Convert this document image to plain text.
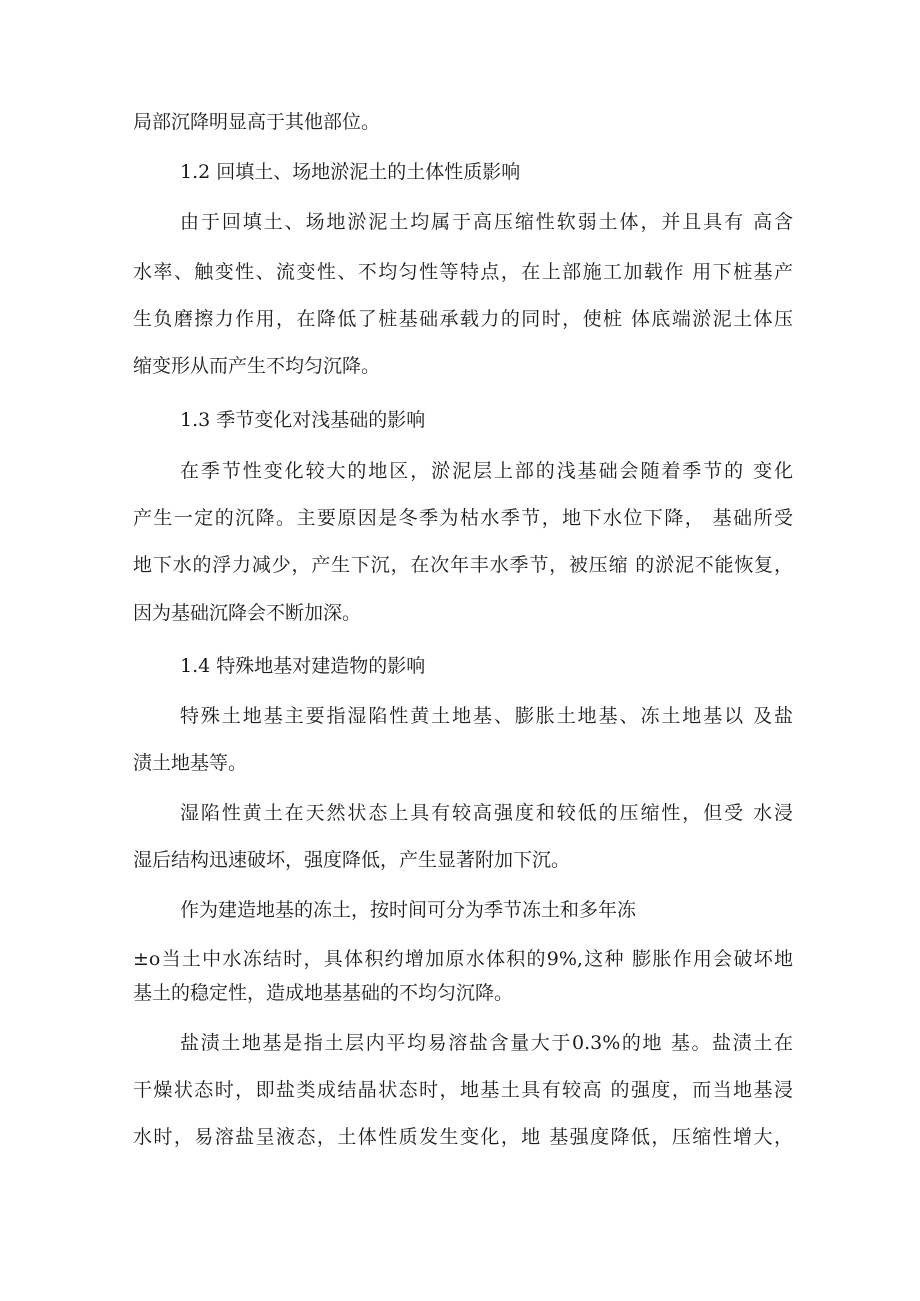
局部沉降明显高于其他部位。
1.2 回填土、场地淤泥土的土体性质影响
由于回填土、场地淤泥土均属于高压缩性软弱土体，并且具有 高含
水率、触变性、流变性、不均匀性等特点，在上部施工加载作 用下桩基产
生负磨擦力作用，在降低了桩基础承载力的同时，使桩 体底端淤泥土体压
缩变形从而产生不均匀沉降。
1.3 季节变化对浅基础的影响
在季节性变化较大的地区，淤泥层上部的浅基础会随着季节的 变化
产生一定的沉降。主要原因是冬季为枯水季节，地下水位下降， 基础所受
地下水的浮力减少，产生下沉，在次年丰水季节，被压缩 的淤泥不能恢复，
因为基础沉降会不断加深。
1.4 特殊地基对建造物的影响
特殊土地基主要指湿陷性黄土地基、膨胀土地基、冻土地基以 及盐
渍土地基等。
湿陷性黄土在天然状态上具有较高强度和较低的压缩性，但受 水浸
湿后结构迅速破坏，强度降低，产生显著附加下沉。
作为建造地基的冻土，按时间可分为季节冻土和多年冻
±o当土中水冻结时，具体积约增加原水体积的9%,这种 膨胀作用会破坏地
基土的稳定性，造成地基基础的不均匀沉降。
盐渍土地基是指土层内平均易溶盐含量大于0.3%的地 基。盐渍土在
干燥状态时，即盐类成结晶状态时，地基土具有较高 的强度，而当地基浸
水时，易溶盐呈液态，土体性质发生变化，地 基强度降低，压缩性增大，
